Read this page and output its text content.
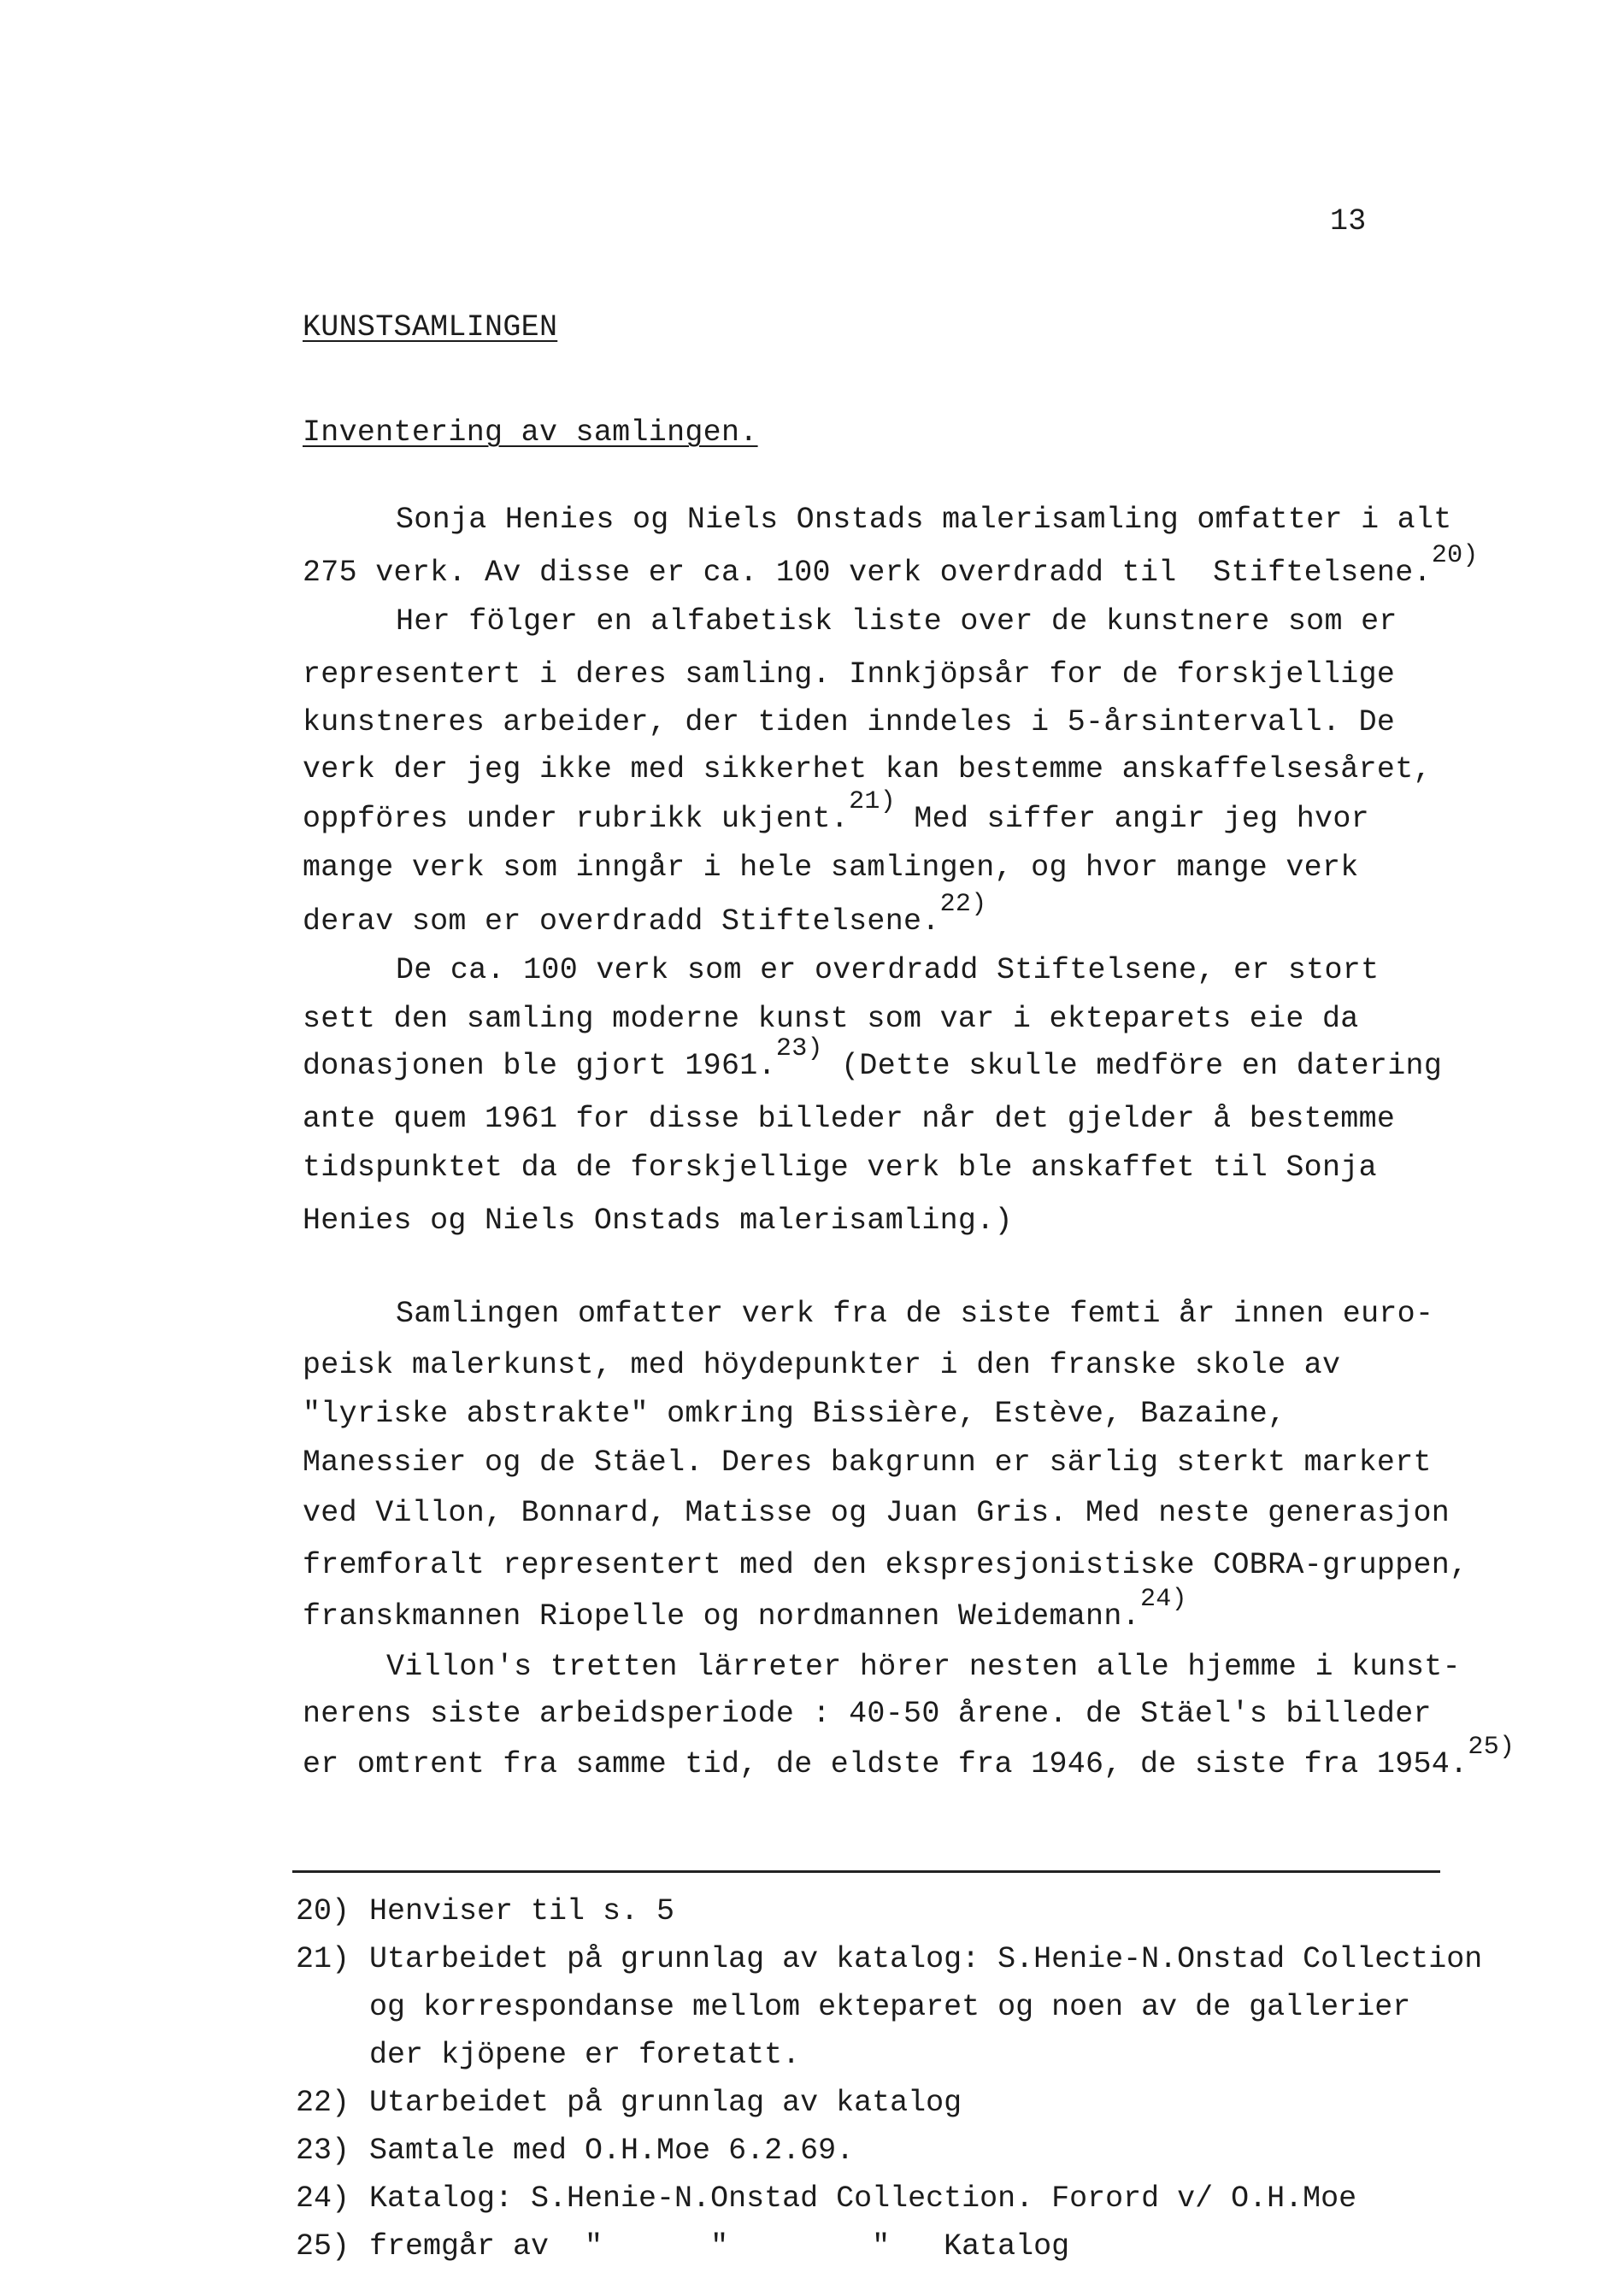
13
KUNSTSAMLINGEN
Inventering av samlingen.
Sonja Henies og Niels Onstads malerisamling omfatter i alt
275 verk. Av disse er ca. 100 verk overdradd til  Stiftelsene.20)
Her fölger en alfabetisk liste over de kunstnere som er
representert i deres samling. Innkjöpsår for de forskjellige
kunstneres arbeider, der tiden inndeles i 5-årsintervall. De
verk der jeg ikke med sikkerhet kan bestemme anskaffelsesåret,
oppföres under rubrikk ukjent.21) Med siffer angir jeg hvor
mange verk som inngår i hele samlingen, og hvor mange verk
derav som er overdradd Stiftelsene.22)
De ca. 100 verk som er overdradd Stiftelsene, er stort
sett den samling moderne kunst som var i ekteparets eie da
donasjonen ble gjort 1961.23) (Dette skulle medföre en datering
ante quem 1961 for disse billeder når det gjelder å bestemme
tidspunktet da de forskjellige verk ble anskaffet til Sonja
Henies og Niels Onstads malerisamling.)
Samlingen omfatter verk fra de siste femti år innen euro-
peisk malerkunst, med höydepunkter i den franske skole av
"lyriske abstrakte" omkring Bissière, Estève, Bazaine,
Manessier og de Stäel. Deres bakgrunn er särlig sterkt markert
ved Villon, Bonnard, Matisse og Juan Gris. Med neste generasjon
fremforalt representert med den ekspresjonistiske COBRA-gruppen,
franskmannen Riopelle og nordmannen Weidemann.24)
Villon's tretten lärreter hörer nesten alle hjemme i kunst-
nerens siste arbeidsperiode : 40-50 årene. de Stäel's billeder
er omtrent fra samme tid, de eldste fra 1946, de siste fra 1954.25)
20) Henviser til s. 5
21) Utarbeidet på grunnlag av katalog: S.Henie-N.Onstad Collection
og korrespondanse mellom ekteparet og noen av de gallerier
der kjöpene er foretatt.
22) Utarbeidet på grunnlag av katalog
23) Samtale med O.H.Moe 6.2.69.
24) Katalog: S.Henie-N.Onstad Collection. Forord v/ O.H.Moe
25) fremgår av  "      "        "   Katalog
